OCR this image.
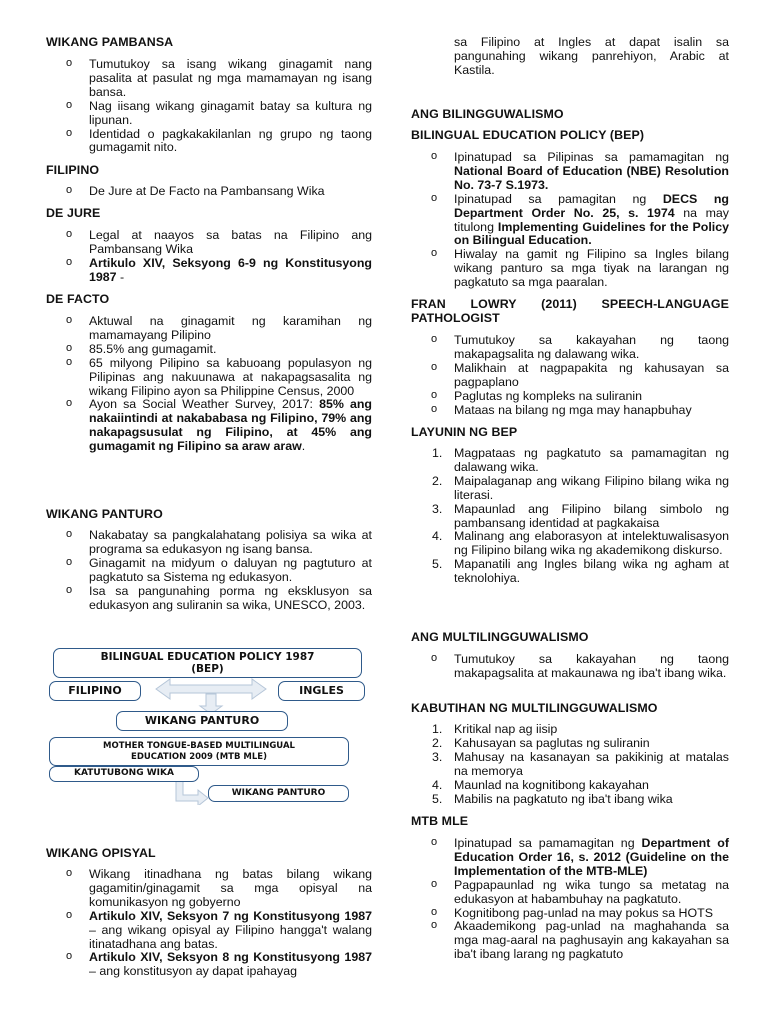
WIKANG PAMBANSA
o Tumutukoy sa isang wikang ginagamit nang pasalita at pasulat ng mga mamamayan ng isang bansa.
o Nag iisang wikang ginagamit batay sa kultura ng lipunan.
o Identidad o pagkakakilanlan ng grupo ng taong gumagamit nito.
FILIPINO
o De Jure at De Facto na Pambansang Wika
DE JURE
o Legal at naayos sa batas na Filipino ang Pambansang Wika
o Artikulo XIV, Seksyong 6-9 ng Konstitusyong 1987 -
DE FACTO
o Aktuwal na ginagamit ng karamihan ng mamamayang Pilipino
o 85.5% ang gumagamit.
o 65 milyong Pilipino sa kabuoang populasyon ng Pilipinas ang nakuunawa at nakapagsasalita ng wikang Filipino ayon sa Philippine Census, 2000
o Ayon sa Social Weather Survey, 2017: 85% ang nakaiintindi at nakababasa ng Filipino, 79% ang nakapagsusulat ng Filipino, at 45% ang gumagamit ng Filipino sa araw araw.
WIKANG PANTURO
o Nakabatay sa pangkalahatang polisiya sa wika at programa sa edukasyon ng isang bansa.
o Ginagamit na midyum o daluyan ng pagtuturo at pagkatuto sa Sistema ng edukasyon.
o Isa sa pangunahing porma ng eksklusyon sa edukasyon ang suliranin sa wika, UNESCO, 2003.
WIKANG OPISYAL
o Wikang itinadhana ng batas bilang wikang gagamitin/ginagamit sa mga opisyal na komunikasyon ng gobyerno
o Artikulo XIV, Seksyon 7 ng Konstitusyong 1987 – ang wikang opisyal ay Filipino hangga't walang itinatadhana ang batas.
o Artikulo XIV, Seksyon 8 ng Konstitusyong 1987 – ang konstitusyon ay dapat ipahayag
BILINGUAL EDUCATION POLICY 1987
(BEP)
FILIPINO	INGLES
WIKANG PANTURO
MOTHER TONGUE-BASED MULTILINGUAL
EDUCATION 2009 (MTB MLE)
KATUTUBONG WIKA
WIKANG PANTURO
sa Filipino at Ingles at dapat isalin sa pangunahing wikang panrehiyon, Arabic at Kastila.
ANG BILINGGUWALISMO
BILINGUAL EDUCATION POLICY (BEP)
o Ipinatupad sa Pilipinas sa pamamagitan ng National Board of Education (NBE) Resolution No. 73-7 S.1973.
o Ipinatupad sa pamagitan ng DECS ng Department Order No. 25, s. 1974 na may titulong Implementing Guidelines for the Policy on Bilingual Education.
o Hiwalay na gamit ng Filipino sa Ingles bilang wikang panturo sa mga tiyak na larangan ng pagkatuto sa mga paaralan.
FRAN LOWRY (2011) SPEECH-LANGUAGE PATHOLOGIST
o Tumutukoy sa kakayahan ng taong makapagsalita ng dalawang wika.
o Malikhain at nagpapakita ng kahusayan sa pagpaplano
o Paglutas ng kompleks na suliranin
o Mataas na bilang ng mga may hanapbuhay
LAYUNIN NG BEP
1. Magpataas ng pagkatuto sa pamamagitan ng dalawang wika.
2. Maipalaganap ang wikang Filipino bilang wika ng literasi.
3. Mapaunlad ang Filipino bilang simbolo ng pambansang identidad at pagkakaisa
4. Malinang ang elaborasyon at intelektuwalisasyon ng Filipino bilang wika ng akademikong diskurso.
5. Mapanatili ang Ingles bilang wika ng agham at teknolohiya.
ANG MULTILINGGUWALISMO
o Tumutukoy sa kakayahan ng taong makapagsalita at makaunawa ng iba't ibang wika.
KABUTIHAN NG MULTILINGGUWALISMO
1. Kritikal nap ag iisip
2. Kahusayan sa paglutas ng suliranin
3. Mahusay na kasanayan sa pakikinig at matalas na memorya
4. Maunlad na kognitibong kakayahan
5. Mabilis na pagkatuto ng iba't ibang wika
MTB MLE
o Ipinatupad sa pamamagitan ng Department of Education Order 16, s. 2012 (Guideline on the Implementation of the MTB-MLE)
o Pagpapaunlad ng wika tungo sa metatag na edukasyon at habambuhay na pagkatuto.
o Kognitibong pag-unlad na may pokus sa HOTS
o Akaademikong pag-unlad na maghahanda sa mga mag-aaral na paghusayin ang kakayahan sa iba't ibang larang ng pagkatuto
